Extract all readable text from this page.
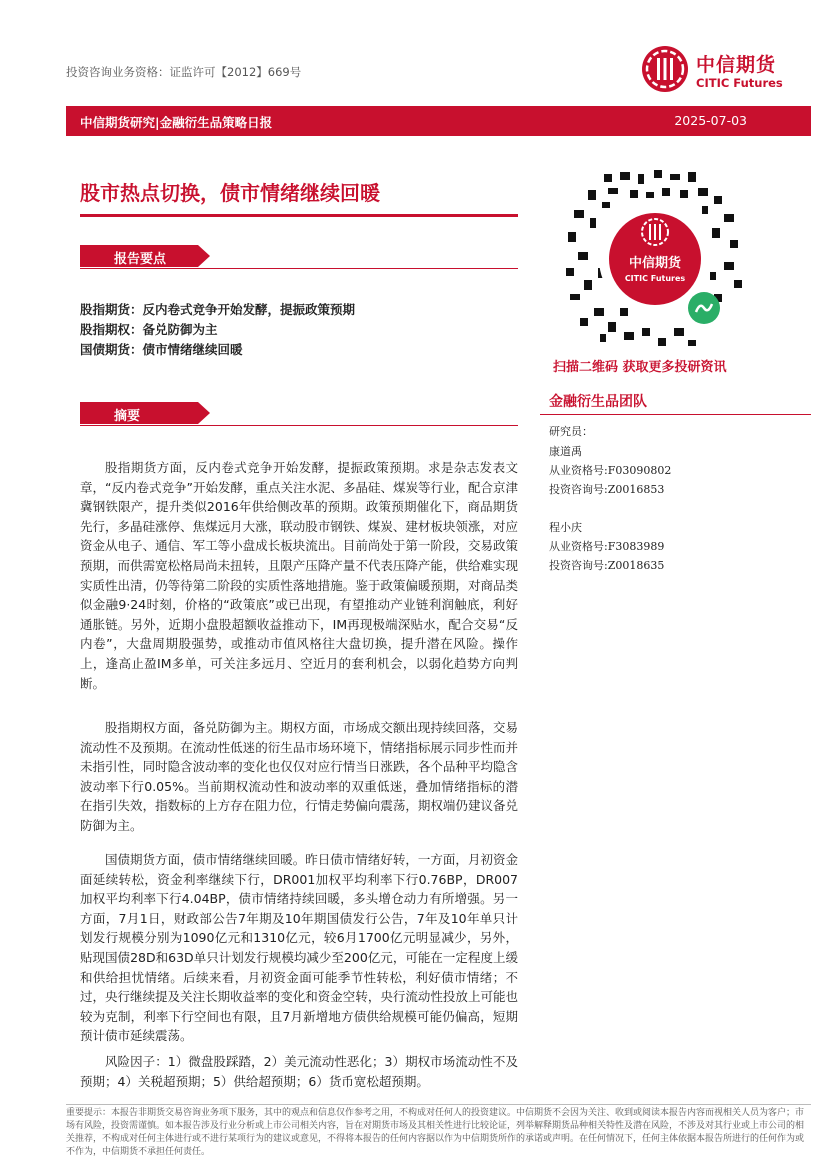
投资咨询业务资格：证监许可【2012】669号	中信期货
CITIC Futures
中信期货研究|金融衍生品策略日报	2025-07-03
股市热点切换，债市情绪继续回暖
报告要点
股指期货：反内卷式竞争开始发酵，提振政策预期
股指期权：备兑防御为主
国债期货：债市情绪继续回暖
摘要
股指期货方面，反内卷式竞争开始发酵，提振政策预期。求是杂志发表文章，“反内卷式竞争”开始发酵，重点关注水泥、多晶硅、煤炭等行业，配合京津冀钢铁限产，提升类似2016年供给侧改革的预期。政策预期催化下，商品期货先行，多晶硅涨停、焦煤远月大涨，联动股市钢铁、煤炭、建材板块领涨，对应资金从电子、通信、军工等小盘成长板块流出。目前尚处于第一阶段，交易政策预期，而供需宽松格局尚未扭转，且限产压降产量不代表压降产能，供给难实现实质性出清，仍等待第二阶段的实质性落地措施。鉴于政策偏暖预期，对商品类似金融9·24时刻，价格的“政策底”或已出现，有望推动产业链利润触底，利好通胀链。另外，近期小盘股超额收益推动下，IM再现极端深贴水，配合交易“反内卷”，大盘周期股强势，或推动市值风格往大盘切换，提升潜在风险。操作上，逢高止盈IM多单，可关注多远月、空近月的套利机会，以弱化趋势方向判断。
股指期权方面，备兑防御为主。期权方面，市场成交额出现持续回落，交易流动性不及预期。在流动性低迷的衍生品市场环境下，情绪指标展示同步性而并未指引性，同时隐含波动率的变化也仅仅对应行情当日涨跌，各个品种平均隐含波动率下行0.05%。当前期权流动性和波动率的双重低迷，叠加情绪指标的潜在指引失效，指数标的上方存在阻力位，行情走势偏向震荡，期权端仍建议备兑防御为主。
国债期货方面，债市情绪继续回暖。昨日债市情绪好转，一方面，月初资金面延续转松，资金利率继续下行，DR001加权平均利率下行0.76BP，DR007加权平均利率下行4.04BP，债市情绪持续回暖，多头增仓动力有所增强。另一方面，7月1日，财政部公告7年期及10年期国债发行公告，7年及10年单只计划发行规模分别为1090亿元和1310亿元，较6月1700亿元明显减少，另外，贴现国债28D和63D单只计划发行规模均减少至200亿元，可能在一定程度上缓和供给担忧情绪。后续来看，月初资金面可能季节性转松，利好债市情绪；不过，央行继续提及关注长期收益率的变化和资金空转，央行流动性投放上可能也较为克制，利率下行空间也有限，且7月新增地方债供给规模可能仍偏高，短期预计债市延续震荡。
风险因子：1）微盘股踩踏，2）美元流动性恶化；3）期权市场流动性不及预期；4）关税超预期；5）供给超预期；6）货币宽松超预期。
中信期货
CITIC Futures
扫描二维码 获取更多投研资讯
金融衍生品团队
研究员：
康道禹
从业资格号:F03090802
投资咨询号:Z0016853
程小庆
从业资格号:F3083989
投资咨询号:Z0018635
重要提示：本报告非期货交易咨询业务项下服务，其中的观点和信息仅作参考之用，不构成对任何人的投资建议。中信期货不会因为关注、收到或阅读本报告内容而视相关人员为客户；市场有风险，投资需谨慎。如本报告涉及行业分析或上市公司相关内容，旨在对期货市场及其相关性进行比较论证，列举解释期货品种相关特性及潜在风险，不涉及对其行业或上市公司的相关推荐，不构成对任何主体进行或不进行某项行为的建议或意见，不得将本报告的任何内容据以作为中信期货所作的承诺或声明。在任何情况下，任何主体依据本报告所进行的任何作为或不作为，中信期货不承担任何责任。
